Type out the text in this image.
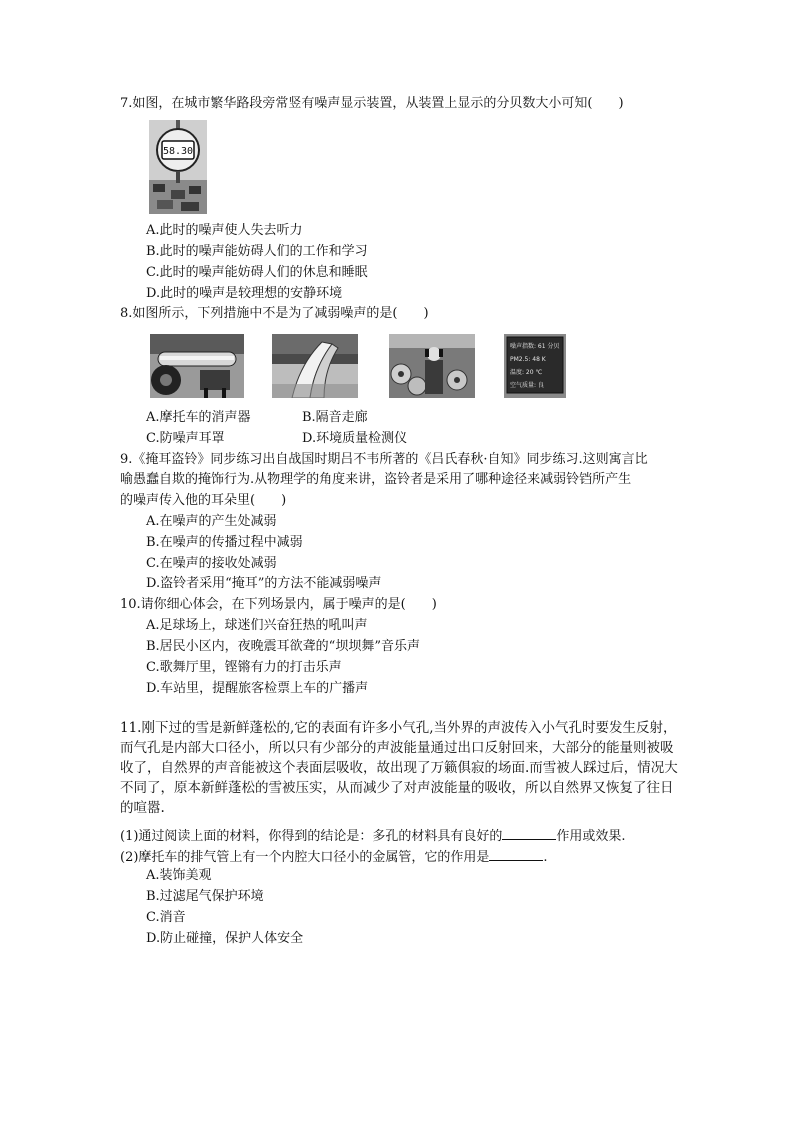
7.如图，在城市繁华路段旁常竖有噪声显示装置，从装置上显示的分贝数大小可知(　　)
58.30
A.此时的噪声使人失去听力
B.此时的噪声能妨碍人们的工作和学习
C.此时的噪声能妨碍人们的休息和睡眠
D.此时的噪声是较理想的安静环境
8.如图所示，下列措施中不是为了减弱噪声的是(　　)
噪声指数: 61 分贝
PM2.5: 48 K
温度: 20 ℃
空气质量: 良
A.摩托车的消声器	B.隔音走廊
C.防噪声耳罩	D.环境质量检测仪
9.《掩耳盗铃》同步练习出自战国时期吕不韦所著的《吕氏春秋·自知》同步练习.这则寓言比
喻愚蠢自欺的掩饰行为.从物理学的角度来讲，盗铃者是采用了哪种途径来减弱铃铛所产生
的噪声传入他的耳朵里(　　)
A.在噪声的产生处减弱
B.在噪声的传播过程中减弱
C.在噪声的接收处减弱
D.盗铃者采用“掩耳”的方法不能减弱噪声
10.请你细心体会，在下列场景内，属于噪声的是(　　)
A.足球场上，球迷们兴奋狂热的吼叫声
B.居民小区内，夜晚震耳欲聋的“坝坝舞”音乐声
C.歌舞厅里，铿锵有力的打击乐声
D.车站里，提醒旅客检票上车的广播声
11.刚下过的雪是新鲜蓬松的,它的表面有许多小气孔,当外界的声波传入小气孔时要发生反射，而气孔是内部大口径小，所以只有少部分的声波能量通过出口反射回来，大部分的能量则被吸收了，自然界的声音能被这个表面层吸收，故出现了万籁俱寂的场面.而雪被人踩过后，情况大不同了，原本新鲜蓬松的雪被压实，从而减少了对声波能量的吸收，所以自然界又恢复了往日的喧嚣.
(1)通过阅读上面的材料，你得到的结论是：多孔的材料具有良好的	作用或效果.
(2)摩托车的排气管上有一个内腔大口径小的金属管，它的作用是	.
A.装饰美观
B.过滤尾气保护环境
C.消音
D.防止碰撞，保护人体安全
